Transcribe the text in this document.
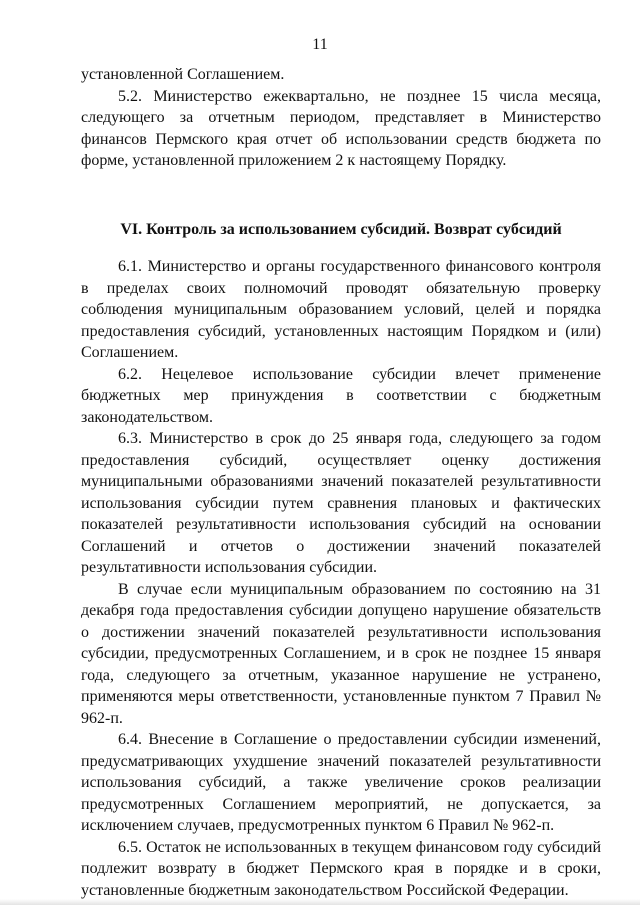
11

установленной Соглашением.

5.2. Министерство ежеквартально, не позднее 15 числа месяца, следующего за отчетным периодом, представляет в Министерство финансов Пермского края отчет об использовании средств бюджета по форме, установленной приложением 2 к настоящему Порядку.

VI. Контроль за использованием субсидий. Возврат субсидий

6.1. Министерство и органы государственного финансового контроля в пределах своих полномочий проводят обязательную проверку соблюдения муниципальным образованием условий, целей и порядка предоставления субсидий, установленных настоящим Порядком и (или) Соглашением.

6.2. Нецелевое использование субсидии влечет применение бюджетных мер принуждения в соответствии с бюджетным законодательством.

6.3. Министерство в срок до 25 января года, следующего за годом предоставления субсидий, осуществляет оценку достижения муниципальными образованиями значений показателей результативности использования субсидии путем сравнения плановых и фактических показателей результативности использования субсидий на основании Соглашений и отчетов о достижении значений показателей результативности использования субсидии.

В случае если муниципальным образованием по состоянию на 31 декабря года предоставления субсидии допущено нарушение обязательств о достижении значений показателей результативности использования субсидии, предусмотренных Соглашением, и в срок не позднее 15 января года, следующего за отчетным, указанное нарушение не устранено, применяются меры ответственности, установленные пунктом 7 Правил № 962-п.

6.4. Внесение в Соглашение о предоставлении субсидии изменений, предусматривающих ухудшение значений показателей результативности использования субсидий, а также увеличение сроков реализации предусмотренных Соглашением мероприятий, не допускается, за исключением случаев, предусмотренных пунктом 6 Правил № 962-п.

6.5. Остаток не использованных в текущем финансовом году субсидий подлежит возврату в бюджет Пермского края в порядке и в сроки, установленные бюджетным законодательством Российской Федерации.
